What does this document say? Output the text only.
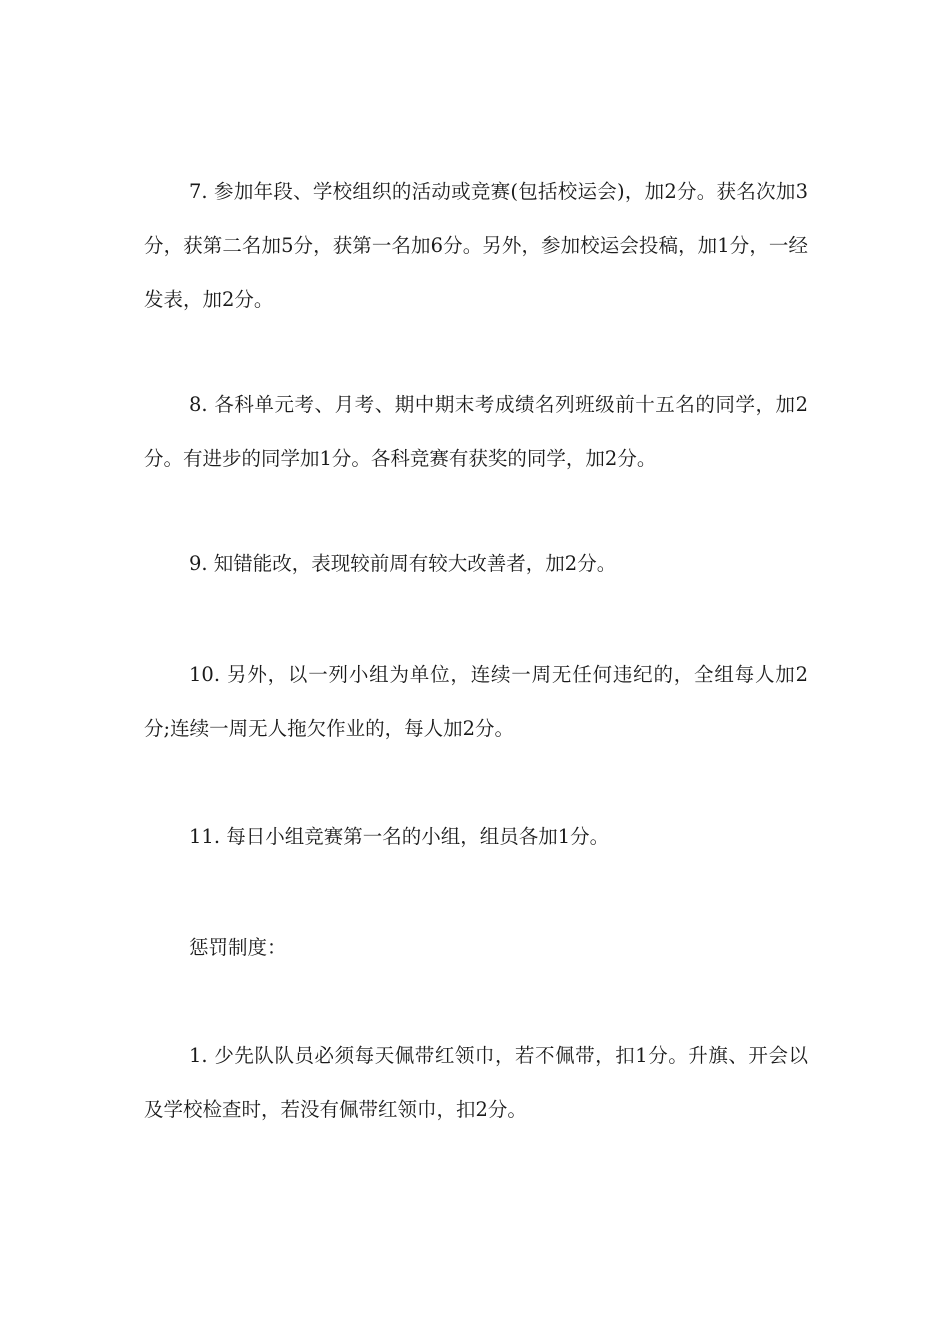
7. 参加年段、学校组织的活动或竞赛(包括校运会)，加2分。获名次加3分，获第二名加5分，获第一名加6分。另外，参加校运会投稿，加1分，一经发表，加2分。

8. 各科单元考、月考、期中期末考成绩名列班级前十五名的同学，加2分。有进步的同学加1分。各科竞赛有获奖的同学，加2分。

9. 知错能改，表现较前周有较大改善者，加2分。

10. 另外，以一列小组为单位，连续一周无任何违纪的，全组每人加2分;连续一周无人拖欠作业的，每人加2分。

11. 每日小组竞赛第一名的小组，组员各加1分。

惩罚制度：

1. 少先队队员必须每天佩带红领巾，若不佩带，扣1分。升旗、开会以及学校检查时，若没有佩带红领巾，扣2分。
